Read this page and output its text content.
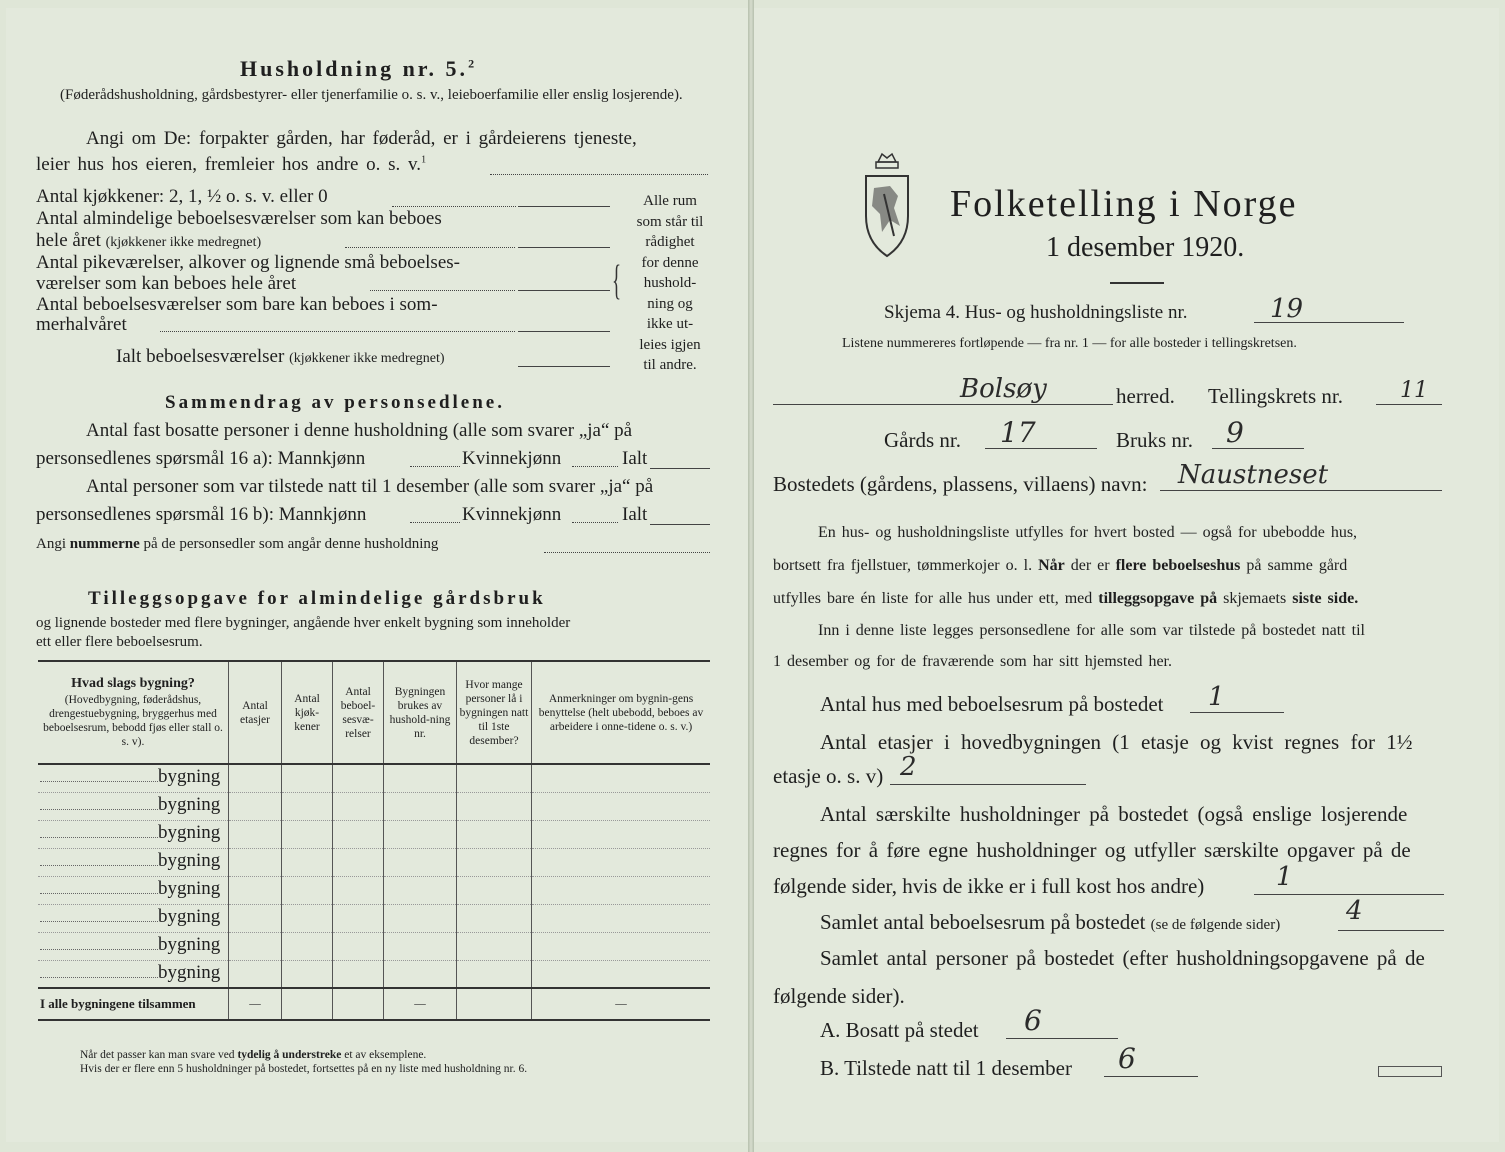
Husholdning nr. 5.$^2$
(Føderådshusholdning, gårdsbestyrer- eller tjenerfamilie o. s. v., leieboerfamilie eller enslig losjerende).
Angi om De: forpakter gården, har føderåd, er i gårdeierens tjeneste,
leier hus hos eieren, fremleier hos andre o. s. v.$^1$
Antal kjøkkener: 2, 1, ½ o. s. v. eller 0
Antal almindelige beboelsesværelser som kan beboes
hele året (kjøkkener ikke medregnet)
Antal pikeværelser, alkover og lignende små beboelses-
værelser som kan beboes hele året
Antal beboelsesværelser som bare kan beboes i som-
merhalvåret
Ialt beboelsesværelser (kjøkkener ikke medregnet)
{
Alle rum
som står til
rådighet
for denne
hushold-
ning og
ikke ut-
leies igjen
til andre.
Sammendrag av personsedlene.
Antal fast bosatte personer i denne husholdning (alle som svarer „ja“ på
personsedlenes spørsmål 16 a): Mannkjønn	Kvinnekjønn	Ialt
Antal personer som var tilstede natt til 1 desember (alle som svarer „ja“ på
personsedlenes spørsmål 16 b): Mannkjønn	Kvinnekjønn	Ialt
Angi nummerne på de personsedler som angår denne husholdning
Tilleggsopgave for almindelige gårdsbruk
og lignende bosteder med flere bygninger, angående hver enkelt bygning som inneholder
ett eller flere beboelsesrum.
Hvad slags bygning?
(Hovedbygning, føderådshus, drengestuebygning, bryggerhus med beboelsesrum, bebodd fjøs eller stall o. s. v).	Antal etasjer	Antal kjøk-kener	Antal beboel-sesvæ-relser	Bygningen brukes av hushold-ning nr.	Hvor mange personer lå i bygningen natt til 1ste desember?	Anmerkninger om bygnin-gens benyttelse (helt ubebodd, beboes av arbeidere i onne-tidene o. s. v.)
bygning						
bygning						
bygning						
bygning						
bygning						
bygning						
bygning						
bygning						
I alle bygningene tilsammen	—			—		—
Når det passer kan man svare ved tydelig å understreke et av eksemplene.
Hvis der er flere enn 5 husholdninger på bostedet, fortsettes på en ny liste med husholdning nr. 6.
Folketelling i Norge
1 desember 1920.
Skjema 4. Hus- og husholdningsliste nr.	19
Listene nummereres fortløpende — fra nr. 1 — for alle bosteder i tellingskretsen.
Bolsøy	herred. Tellingskrets nr.	11
Gårds nr. 17	Bruks nr. 9
Bostedets (gårdens, plassens, villaens) navn: Naustneset
En hus- og husholdningsliste utfylles for hvert bosted — også for ubebodde hus,
bortsett fra fjellstuer, tømmerkojer o. l. Når der er flere beboelseshus på samme gård
utfylles bare én liste for alle hus under ett, med tilleggsopgave på skjemaets siste side.
Inn i denne liste legges personsedlene for alle som var tilstede på bostedet natt til
1 desember og for de fraværende som har sitt hjemsted her.
Antal hus med beboelsesrum på bostedet 1
Antal etasjer i hovedbygningen (1 etasje og kvist regnes for 1½
etasje o. s. v) 2
Antal særskilte husholdninger på bostedet (også enslige losjerende
regnes for å føre egne husholdninger og utfyller særskilte opgaver på de
følgende sider, hvis de ikke er i full kost hos andre)	1
Samlet antal beboelsesrum på bostedet (se de følgende sider)	4
Samlet antal personer på bostedet (efter husholdningsopgavene på de
følgende sider).
A. Bosatt på stedet 6
B. Tilstede natt til 1 desember 6
